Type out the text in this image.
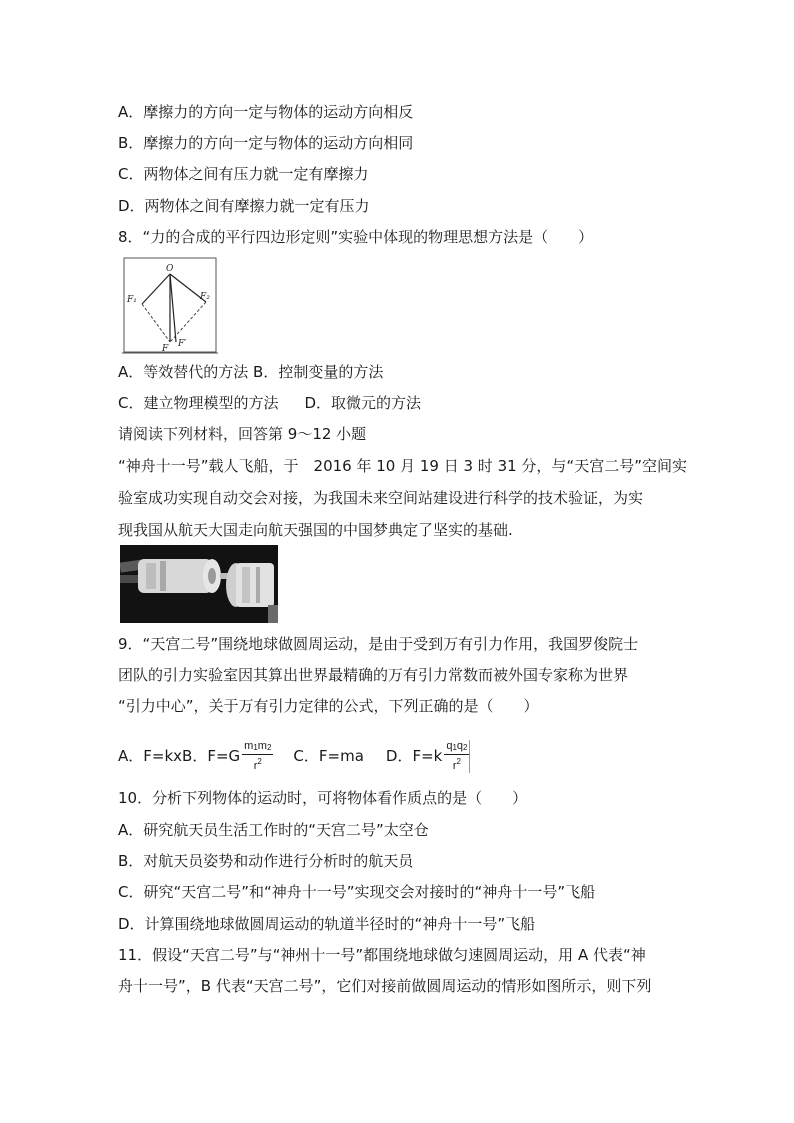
A．摩擦力的方向一定与物体的运动方向相反
B．摩擦力的方向一定与物体的运动方向相同
C．两物体之间有压力就一定有摩擦力
D．两物体之间有摩擦力就一定有压力
8．“力的合成的平行四边形定则”实验中体现的物理思想方法是（　　）
O
F₁	F₂
F F′
A．等效替代的方法 B．控制变量的方法
C．建立物理模型的方法 D．取微元的方法
请阅读下列材料，回答第 9～12 小题
“神舟十一号”载人飞船，于　2016 年 10 月 19 日 3 时 31 分，与“天宫二号”空间实
验室成功实现自动交会对接，为我国未来空间站建设进行科学的技术验证，为实
现我国从航天大国走向航天强国的中国梦典定了坚实的基础.
9．“天宫二号”围绕地球做圆周运动，是由于受到万有引力作用，我国罗俊院士
团队的引力实验室因其算出世界最精确的万有引力常数而被外国专家称为世界
“引力中心”，关于万有引力定律的公式，下列正确的是（　　）
A．F=kxB．$F=G \frac{m1m2}{r^2}$ C．F=ma D．$F=k \frac{q1q2}{r^2}$
10．分析下列物体的运动时，可将物体看作质点的是（　　）
A．研究航天员生活工作时的“天宫二号”太空仓
B．对航天员姿势和动作进行分析时的航天员
C．研究“天宫二号”和“神舟十一号”实现交会对接时的“神舟十一号”飞船
D．计算围绕地球做圆周运动的轨道半径时的“神舟十一号”飞船
11．假设“天宫二号”与“神州十一号”都围绕地球做匀速圆周运动，用 A 代表“神
舟十一号”，B 代表“天宫二号”，它们对接前做圆周运动的情形如图所示，则下列
